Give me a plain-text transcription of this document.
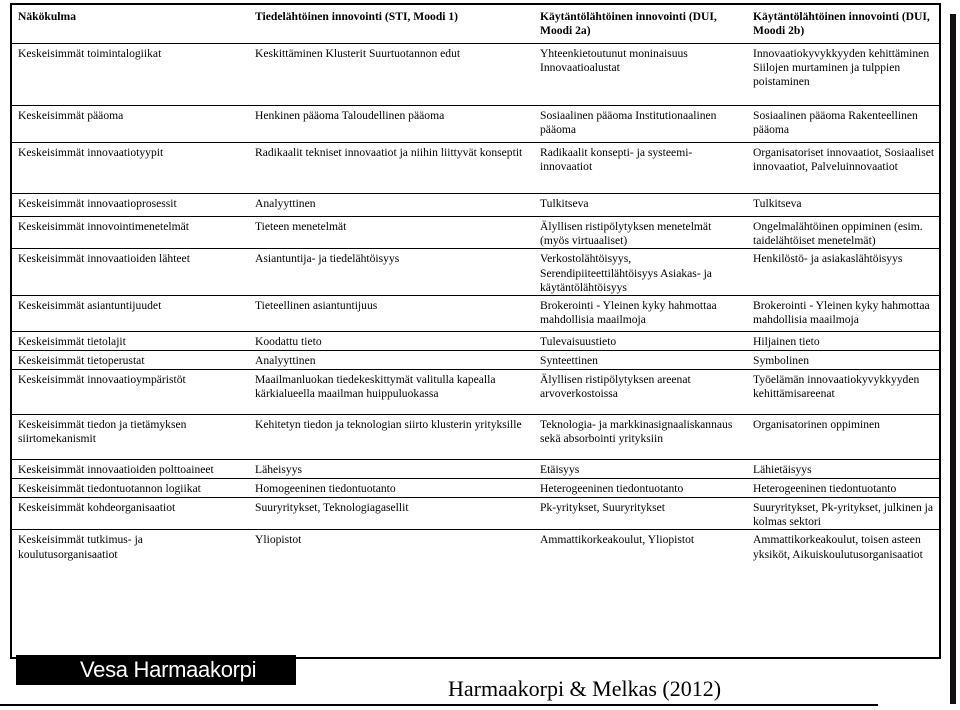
Näkökulma	Tiedelähtöinen innovointi (STI, Moodi 1)	Käytäntölähtöinen innovointi (DUI, Moodi 2a)	Käytäntölähtöinen innovointi (DUI, Moodi 2b)
Keskeisimmät toimintalogiikat	Keskittäminen Klusterit Suurtuotannon edut	Yhteenkietoutunut moninaisuus Innovaatioalustat	Innovaatiokyvykkyyden kehittäminen Siilojen murtaminen ja tulppien poistaminen
Keskeisimmät pääoma	Henkinen pääoma Taloudellinen pääoma	Sosiaalinen pääoma Institutionaalinen pääoma	Sosiaalinen pääoma Rakenteellinen pääoma
Keskeisimmät innovaatiotyypit	Radikaalit tekniset innovaatiot ja niihin liittyvät konseptit	Radikaalit konsepti- ja systeemi-innovaatiot	Organisatoriset innovaatiot, Sosiaaliset innovaatiot, Palveluinnovaatiot
Keskeisimmät innovaatioprosessit	Analyyttinen	Tulkitseva	Tulkitseva
Keskeisimmät innovointimenetelmät	Tieteen menetelmät	Älyllisen ristipölytyksen menetelmät (myös virtuaaliset)	Ongelmalähtöinen oppiminen (esim. taidelähtöiset menetelmät)
Keskeisimmät innovaatioiden lähteet	Asiantuntija- ja tiedelähtöisyys	Verkostolähtöisyys, Serendipiiteettilähtöisyys Asiakas- ja käytäntölähtöisyys	Henkilöstö- ja asiakaslähtöisyys
Keskeisimmät asiantuntijuudet	Tieteellinen asiantuntijuus	Brokerointi - Yleinen kyky hahmottaa mahdollisia maailmoja	Brokerointi - Yleinen kyky hahmottaa mahdollisia maailmoja
Keskeisimmät tietolajit	Koodattu tieto	Tulevaisuustieto	Hiljainen tieto
Keskeisimmät tietoperustat	Analyyttinen	Synteettinen	Symbolinen
Keskeisimmät innovaatioympäristöt	Maailmanluokan tiedekeskittymät valitulla kapealla kärkialueella maailman huippuluokassa	Älyllisen ristipölytyksen areenat arvoverkostoissa	Työelämän innovaatiokyvykkyyden kehittämisareenat
Keskeisimmät tiedon ja tietämyksen siirtomekanismit	Kehitetyn tiedon ja teknologian siirto klusterin yrityksille	Teknologia- ja markkinasignaaliskannaus sekä absorbointi yrityksiin	Organisatorinen oppiminen
Keskeisimmät innovaatioiden polttoaineet	Läheisyys	Etäisyys	Lähietäisyys
Keskeisimmät tiedontuotannon logiikat	Homogeeninen tiedontuotanto	Heterogeeninen tiedontuotanto	Heterogeeninen tiedontuotanto
Keskeisimmät kohdeorganisaatiot	Suuryritykset, Teknologiagasellit	Pk-yritykset, Suuryritykset	Suuryritykset, Pk-yritykset, julkinen ja kolmas sektori
Keskeisimmät tutkimus- ja koulutusorganisaatiot	Yliopistot	Ammattikorkeakoulut, Yliopistot	Ammattikorkeakoulut, toisen asteen yksiköt, Aikuiskoulutusorganisaatiot
Vesa Harmaakorpi
Harmaakorpi & Melkas (2012)
